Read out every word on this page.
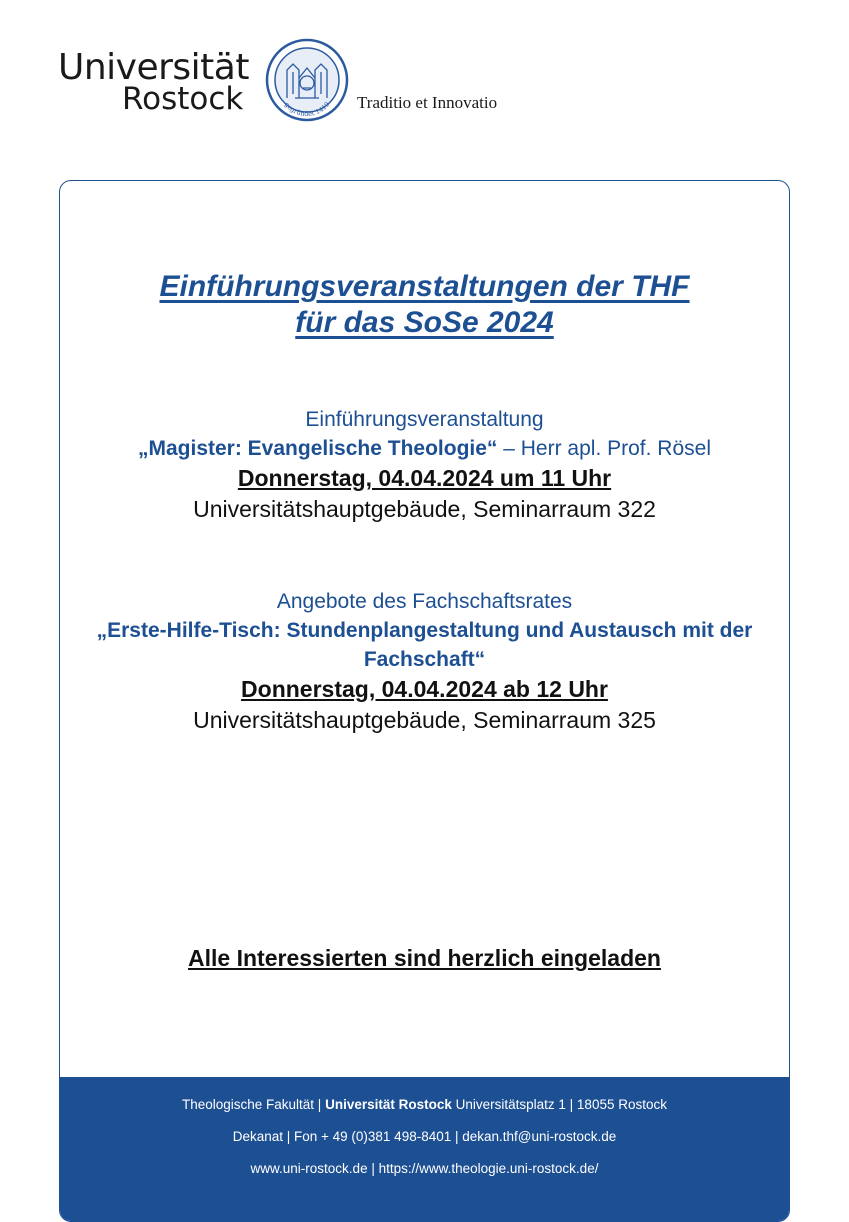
Universität
Rostock	gegründet 1419 Traditio et Innovatio
Einführungsveranstaltungen der THF
für das SoSe 2024
Einführungsveranstaltung
„Magister: Evangelische Theologie“ – Herr apl. Prof. Rösel
Donnerstag, 04.04.2024 um 11 Uhr
Universitätshauptgebäude, Seminarraum 322
Angebote des Fachschaftsrates
„Erste-Hilfe-Tisch: Stundenplangestaltung und Austausch mit der Fachschaft“
Donnerstag, 04.04.2024 ab 12 Uhr
Universitätshauptgebäude, Seminarraum 325
Alle Interessierten sind herzlich eingeladen
Theologische Fakultät | Universität Rostock Universitätsplatz 1 | 18055 Rostock
Dekanat | Fon + 49 (0)381 498-8401 | dekan.thf@uni-rostock.de
www.uni-rostock.de | https://www.theologie.uni-rostock.de/
